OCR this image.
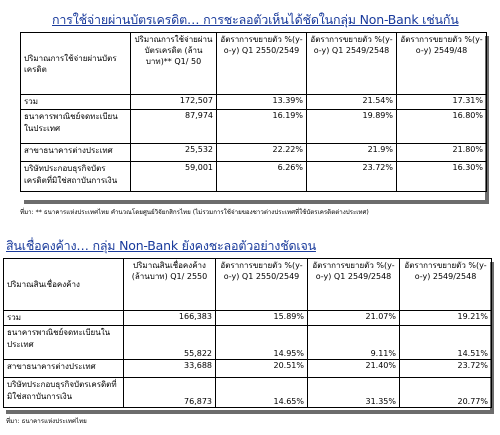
การใช้จ่ายผ่านบัตรเครดิต… การชะลอตัวเห็นได้ชัดในกลุ่ม Non-Bank เช่นกัน
ปริมาณการใช้จ่ายผ่านบัตรเครดิต	ปริมาณการใช้จ่ายผ่านบัตรเครดิต (ล้านบาท)** Q1/ 50	อัตราการขยายตัว %(y-o-y) Q1 2550/2549	อัตราการขยายตัว %(y-o-y) Q1 2549/2548	อัตราการขยายตัว %(y-o-y) 2549/48
รวม	172,507	13.39%	21.54%	17.31%
ธนาคารพาณิชย์จดทะเบียนในประเทศ	87,974	16.19%	19.89%	16.80%
สาขาธนาคารต่างประเทศ	25,532	22.22%	21.9%	21.80%
บริษัทประกอบธุรกิจบัตรเครดิตที่มิใช่สถาบันการเงิน	59,001	6.26%	23.72%	16.30%
ที่มา: ** ธนาคารแห่งประเทศไทย คำนวณโดยศูนย์วิจัยกสิกรไทย (ไม่รวมการใช้จ่ายของชาวต่างประเทศที่ใช้บัตรเครดิตต่างประเทศ)
สินเชื่อคงค้าง… กลุ่ม Non-Bank ยังคงชะลอตัวอย่างชัดเจน
ปริมาณสินเชื่อคงค้าง	ปริมาณสินเชื่อคงค้าง (ล้านบาท) Q1/ 2550	อัตราการขยายตัว %(y-o-y) Q1 2550/2549	อัตราการขยายตัว %(y-o-y) Q1 2549/2548	อัตราการขยายตัว %(y-o-y) 2549/2548
รวม	166,383	15.89%	21.07%	19.21%
ธนาคารพาณิชย์จดทะเบียนในประเทศ	55,822	14.95%	9.11%	14.51%
สาขาธนาคารต่างประเทศ	33,688	20.51%	21.40%	23.72%
บริษัทประกอบธุรกิจบัตรเครดิตที่มิใช่สถาบันการเงิน	76,873	14.65%	31.35%	20.77%
ที่มา: ธนาคารแห่งประเทศไทย
